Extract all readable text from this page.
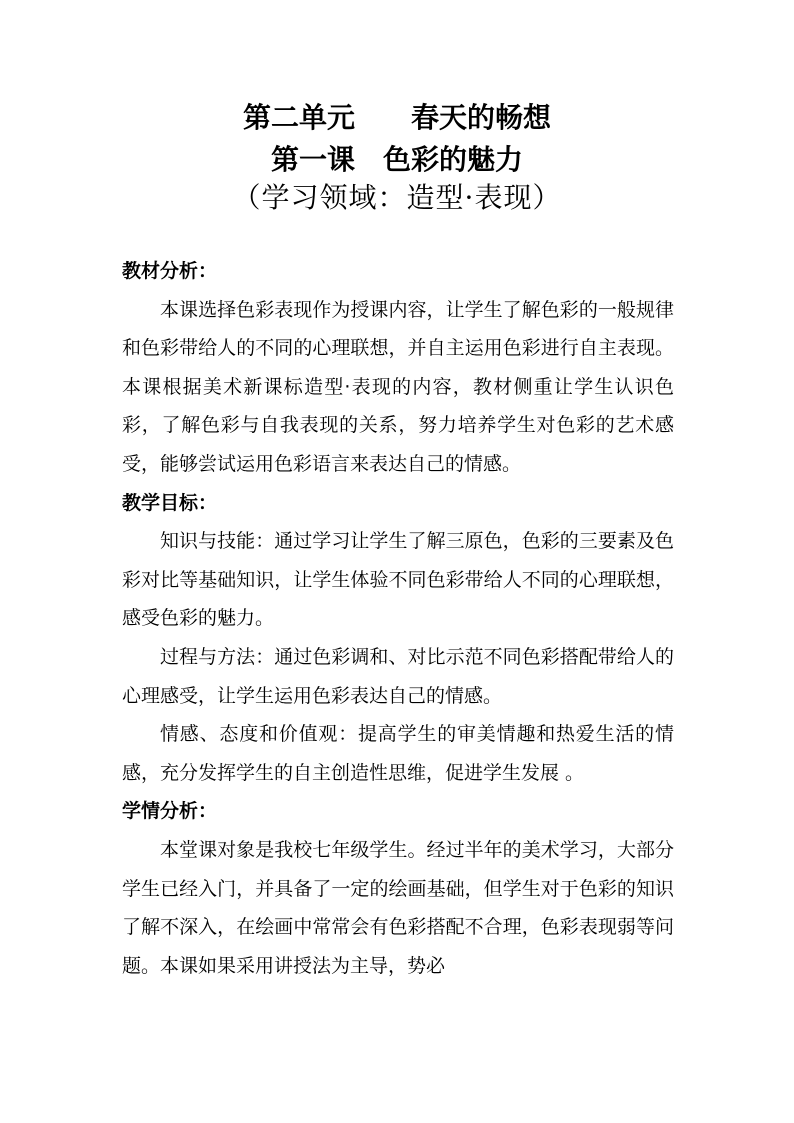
第二单元　　春天的畅想
第一课　色彩的魅力
（学习领域：造型·表现）
教材分析：

本课选择色彩表现作为授课内容，让学生了解色彩的一般规律和色彩带给人的不同的心理联想，并自主运用色彩进行自主表现。本课根据美术新课标造型·表现的内容，教材侧重让学生认识色彩，了解色彩与自我表现的关系，努力培养学生对色彩的艺术感受，能够尝试运用色彩语言来表达自己的情感。

教学目标：

知识与技能：通过学习让学生了解三原色，色彩的三要素及色彩对比等基础知识，让学生体验不同色彩带给人不同的心理联想，感受色彩的魅力。

过程与方法：通过色彩调和、对比示范不同色彩搭配带给人的心理感受，让学生运用色彩表达自己的情感。

情感、态度和价值观：提高学生的审美情趣和热爱生活的情感，充分发挥学生的自主创造性思维，促进学生发展 。

学情分析：

本堂课对象是我校七年级学生。经过半年的美术学习，大部分学生已经入门，并具备了一定的绘画基础，但学生对于色彩的知识了解不深入，在绘画中常常会有色彩搭配不合理，色彩表现弱等问题。本课如果采用讲授法为主导，势必
